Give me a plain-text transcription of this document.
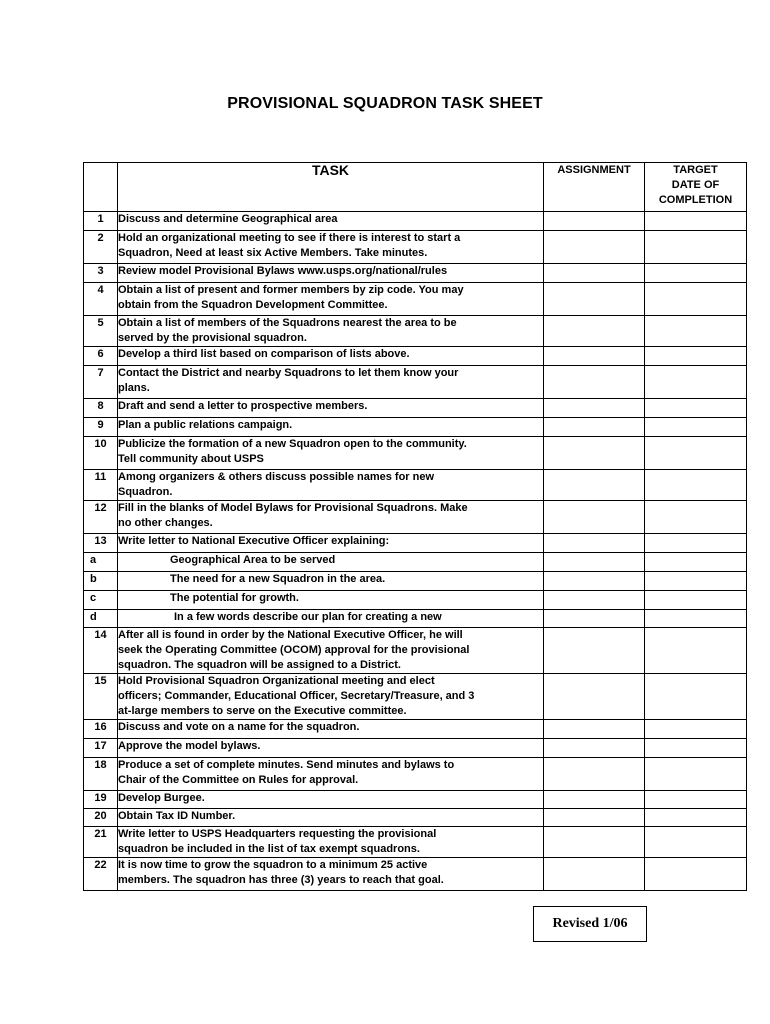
PROVISIONAL SQUADRON TASK SHEET
	TASK	ASSIGNMENT	TARGET
DATE OF
COMPLETION

1	Discuss and determine Geographical area		
2	Hold an organizational meeting to see if there is interest to start a
Squadron, Need at least six Active Members. Take minutes.		
3	Review model Provisional Bylaws www.usps.org/national/rules		
4	Obtain a list of present and former members by zip code. You may
obtain from the Squadron Development Committee.		
5	Obtain a list of members of the Squadrons nearest the area to be
served by the provisional squadron.		
6	Develop a third list based on comparison of lists above.		
7	Contact the District and nearby Squadrons to let them know your
plans.		
8	Draft and send a letter to prospective members.		
9	Plan a public relations campaign.		
10	Publicize the formation of a new Squadron open to the community.
Tell community about USPS		
11	Among organizers & others discuss possible names for new
Squadron.		
12	Fill in the blanks of Model Bylaws for Provisional Squadrons. Make
no other changes.		
13	Write letter to National Executive Officer explaining:		
a	Geographical Area to be served		
b	The need for a new Squadron in the area.		
c	The potential for growth.		
d	In a few words describe our plan for creating a new		
14	After all is found in order by the National Executive Officer, he will
seek the Operating Committee (OCOM) approval for the provisional
squadron. The squadron will be assigned to a District.		
15	Hold Provisional Squadron Organizational meeting and elect
officers; Commander, Educational Officer, Secretary/Treasure, and 3
at-large members to serve on the Executive committee.		
16	Discuss and vote on a name for the squadron.		
17	Approve the model bylaws.		
18	Produce a set of complete minutes. Send minutes and bylaws to
Chair of the Committee on Rules for approval.		
19	Develop Burgee.		
20	Obtain Tax ID Number.		
21	Write letter to USPS Headquarters requesting the provisional
squadron be included in the list of tax exempt squadrons.		
22	It is now time to grow the squadron to a minimum 25 active
members. The squadron has three (3) years to reach that goal.		
Revised 1/06
